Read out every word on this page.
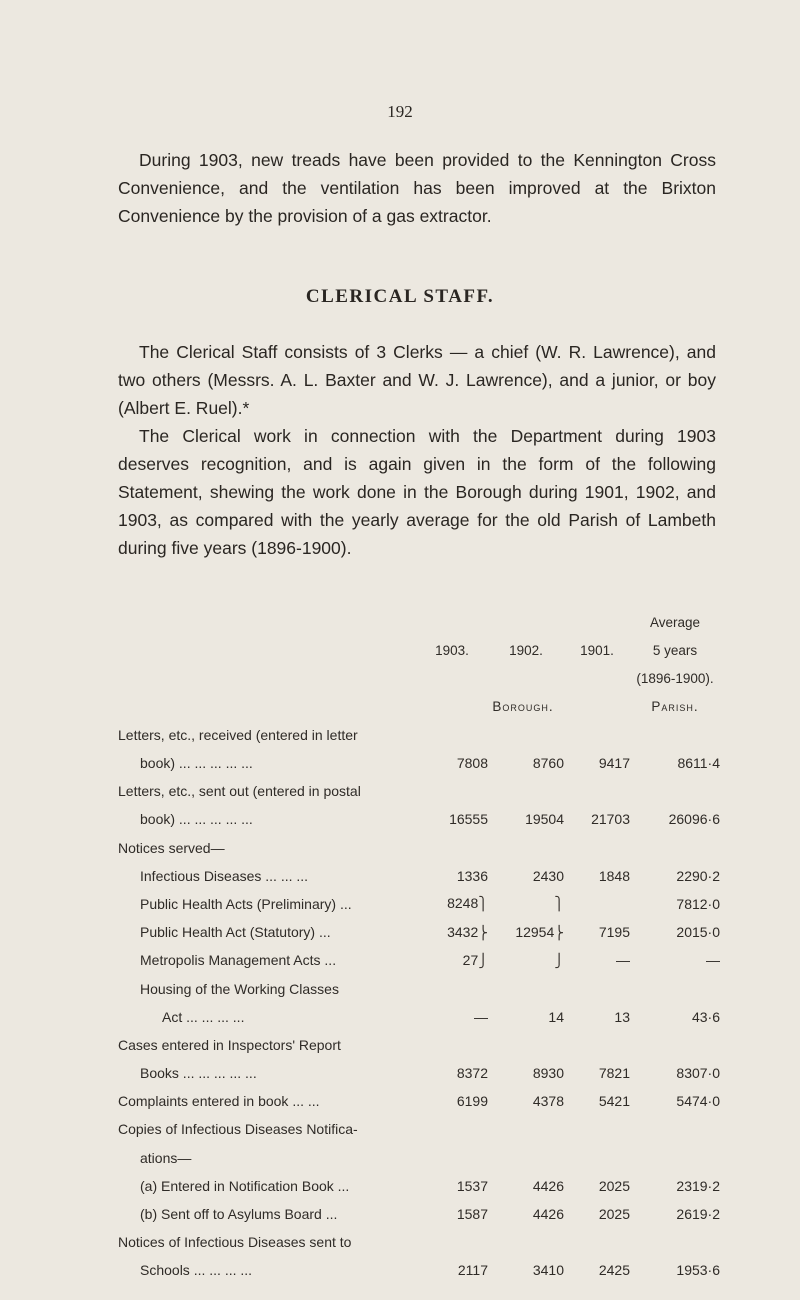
192

During 1903, new treads have been provided to the Kennington Cross Convenience, and the ventilation has been improved at the Brixton Convenience by the provision of a gas extractor.

CLERICAL STAFF.

The Clerical Staff consists of 3 Clerks — a chief (W. R. Lawrence), and two others (Messrs. A. L. Baxter and W. J. Lawrence), and a junior, or boy (Albert E. Ruel).*

The Clerical work in connection with the Department during 1903 deserves recognition, and is again given in the form of the following Statement, shewing the work done in the Borough during 1901, 1902, and 1903, as compared with the yearly average for the old Parish of Lambeth during five years (1896-1900).

				Average
	1903.	1902.	1901.	5 years
				(1896-1900).
	Borough.			Parish.
Letters, etc., received (entered in letter				
book) ... ... ... ... ...	7808	8760	9417	8611·4
Letters, etc., sent out (entered in postal				
book) ... ... ... ... ...	16555	19504	21703	26096·6
Notices served—				
Infectious Diseases ... ... ...	1336	2430	1848	2290·2
Public Health Acts (Preliminary) ...	8248⎫	⎫		7812·0
Public Health Act (Statutory) ...	3432⎬	12954⎬	7195	2015·0
Metropolis Management Acts ...	27⎭	⎭	—	—
Housing of the Working Classes				
Act ... ... ... ...	—	14	13	43·6
Cases entered in Inspectors' Report				
Books ... ... ... ... ...	8372	8930	7821	8307·0
Complaints entered in book ... ...	6199	4378	5421	5474·0
Copies of Infectious Diseases Notifica-				
ations—				
(a) Entered in Notification Book ...	1537	4426	2025	2319·2
(b) Sent off to Asylums Board ...	1587	4426	2025	2619·2
Notices of Infectious Diseases sent to				
Schools ... ... ... ...	2117	3410	2425	1953·6
